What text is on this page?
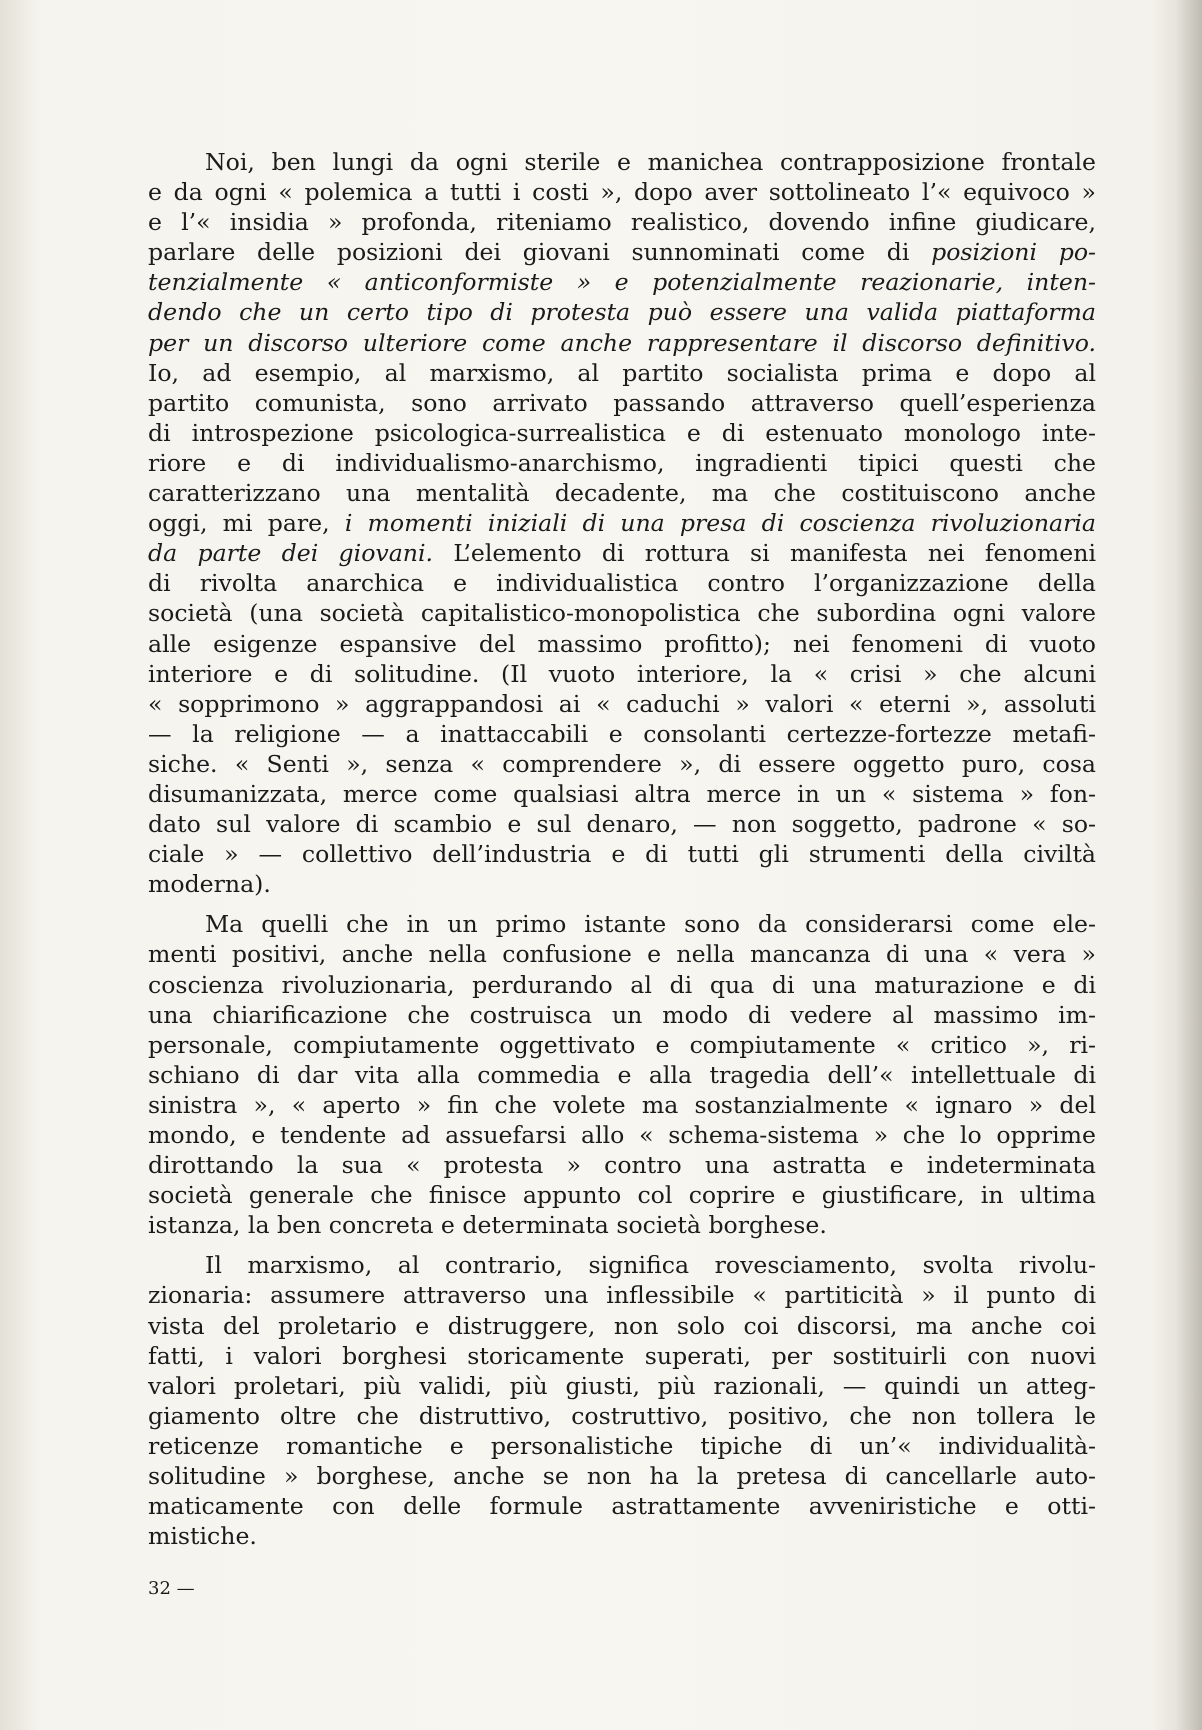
Noi, ben lungi da ogni sterile e manichea contrapposizione frontale
e da ogni « polemica a tutti i costi », dopo aver sottolineato l’« equivoco »
e l’« insidia » profonda, riteniamo realistico, dovendo infine giudicare,
parlare delle posizioni dei giovani sunnominati come di posizioni po-
tenzialmente « anticonformiste » e potenzialmente reazionarie, inten-
dendo che un certo tipo di protesta può essere una valida piattaforma
per un discorso ulteriore come anche rappresentare il discorso definitivo.
Io, ad esempio, al marxismo, al partito socialista prima e dopo al
partito comunista, sono arrivato passando attraverso quell’esperienza
di introspezione psicologica-surrealistica e di estenuato monologo inte-
riore e di individualismo-anarchismo, ingradienti tipici questi che
caratterizzano una mentalità decadente, ma che costituiscono anche
oggi, mi pare, i momenti iniziali di una presa di coscienza rivoluzionaria
da parte dei giovani. L’elemento di rottura si manifesta nei fenomeni
di rivolta anarchica e individualistica contro l’organizzazione della
società (una società capitalistico-monopolistica che subordina ogni valore
alle esigenze espansive del massimo profitto); nei fenomeni di vuoto
interiore e di solitudine. (Il vuoto interiore, la « crisi » che alcuni
« sopprimono » aggrappandosi ai « caduchi » valori « eterni », assoluti
— la religione — a inattaccabili e consolanti certezze-fortezze metafi-
siche. « Senti », senza « comprendere », di essere oggetto puro, cosa
disumanizzata, merce come qualsiasi altra merce in un « sistema » fon-
dato sul valore di scambio e sul denaro, — non soggetto, padrone « so-
ciale » — collettivo dell’industria e di tutti gli strumenti della civiltà
moderna).
Ma quelli che in un primo istante sono da considerarsi come ele-
menti positivi, anche nella confusione e nella mancanza di una « vera »
coscienza rivoluzionaria, perdurando al di qua di una maturazione e di
una chiarificazione che costruisca un modo di vedere al massimo im-
personale, compiutamente oggettivato e compiutamente « critico », ri-
schiano di dar vita alla commedia e alla tragedia dell’« intellettuale di
sinistra », « aperto » fin che volete ma sostanzialmente « ignaro » del
mondo, e tendente ad assuefarsi allo « schema-sistema » che lo opprime
dirottando la sua « protesta » contro una astratta e indeterminata
società generale che finisce appunto col coprire e giustificare, in ultima
istanza, la ben concreta e determinata società borghese.
Il marxismo, al contrario, significa rovesciamento, svolta rivolu-
zionaria: assumere attraverso una inflessibile « partiticità » il punto di
vista del proletario e distruggere, non solo coi discorsi, ma anche coi
fatti, i valori borghesi storicamente superati, per sostituirli con nuovi
valori proletari, più validi, più giusti, più razionali, — quindi un atteg-
giamento oltre che distruttivo, costruttivo, positivo, che non tollera le
reticenze romantiche e personalistiche tipiche di un’« individualità-
solitudine » borghese, anche se non ha la pretesa di cancellarle auto-
maticamente con delle formule astrattamente avveniristiche e otti-
mistiche.
32 —
